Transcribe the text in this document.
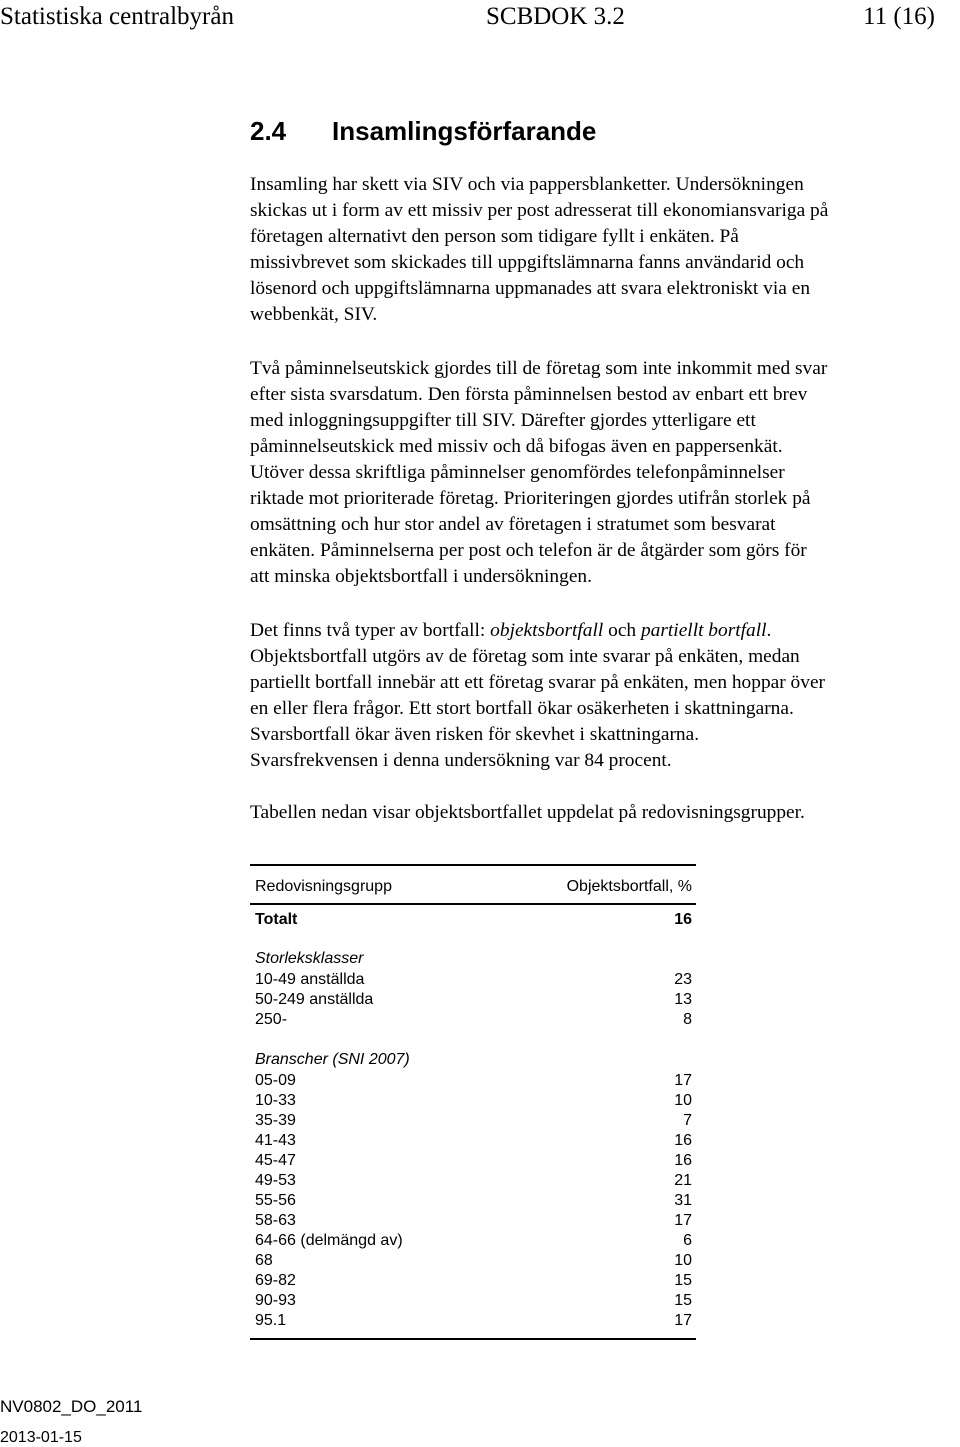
Statistiska centralbyrån	SCBDOK 3.2	11 (16)
2.4 Insamlingsförfarande
Insamling har skett via SIV och via pappersblanketter. Undersökningen
skickas ut i form av ett missiv per post adresserat till ekonomiansvariga på
företagen alternativt den person som tidigare fyllt i enkäten. På
missivbrevet som skickades till uppgiftslämnarna fanns användarid och
lösenord och uppgiftslämnarna uppmanades att svara elektroniskt via en
webbenkät, SIV.
Två påminnelseutskick gjordes till de företag som inte inkommit med svar
efter sista svarsdatum. Den första påminnelsen bestod av enbart ett brev
med inloggningsuppgifter till SIV. Därefter gjordes ytterligare ett
påminnelseutskick med missiv och då bifogas även en pappersenkät.
Utöver dessa skriftliga påminnelser genomfördes telefonpåminnelser
riktade mot prioriterade företag. Prioriteringen gjordes utifrån storlek på
omsättning och hur stor andel av företagen i stratumet som besvarat
enkäten. Påminnelserna per post och telefon är de åtgärder som görs för
att minska objektsbortfall i undersökningen.
Det finns två typer av bortfall: objektsbortfall och partiellt bortfall.
Objektsbortfall utgörs av de företag som inte svarar på enkäten, medan
partiellt bortfall innebär att ett företag svarar på enkäten, men hoppar över
en eller flera frågor. Ett stort bortfall ökar osäkerheten i skattningarna.
Svarsbortfall ökar även risken för skevhet i skattningarna.
Svarsfrekvensen i denna undersökning var 84 procent.
Tabellen nedan visar objektsbortfallet uppdelat på redovisningsgrupper.
Redovisningsgrupp	Objektsbortfall, %
Totalt	16
Storleksklasser
10-49 anställda	23
50-249 anställda	13
250-	8
Branscher (SNI 2007)
05-09	17
10-33	10
35-39	7
41-43	16
45-47	16
49-53	21
55-56	31
58-63	17
64-66 (delmängd av)	6
68	10
69-82	15
90-93	15
95.1	17
NV0802_DO_2011
2013-01-15
